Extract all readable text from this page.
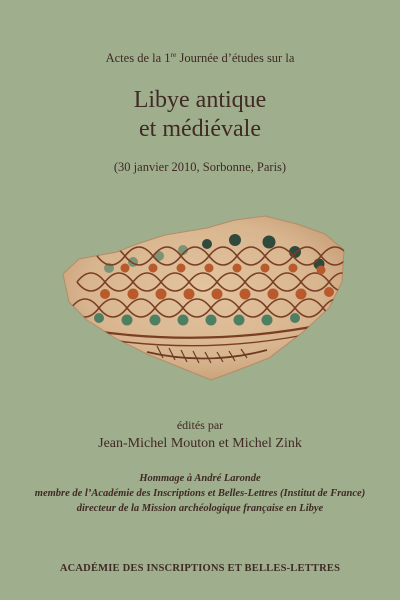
Actes de la 1re Journée d’études sur la
Libye antique
et médiévale
(30 janvier 2010, Sorbonne, Paris)
édités par
Jean-Michel Mouton et Michel Zink
Hommage à André Laronde
membre de l’Académie des Inscriptions et Belles-Lettres (Institut de France)
directeur de la Mission archéologique française en Libye
ACADÉMIE DES INSCRIPTIONS ET BELLES-LETTRES
